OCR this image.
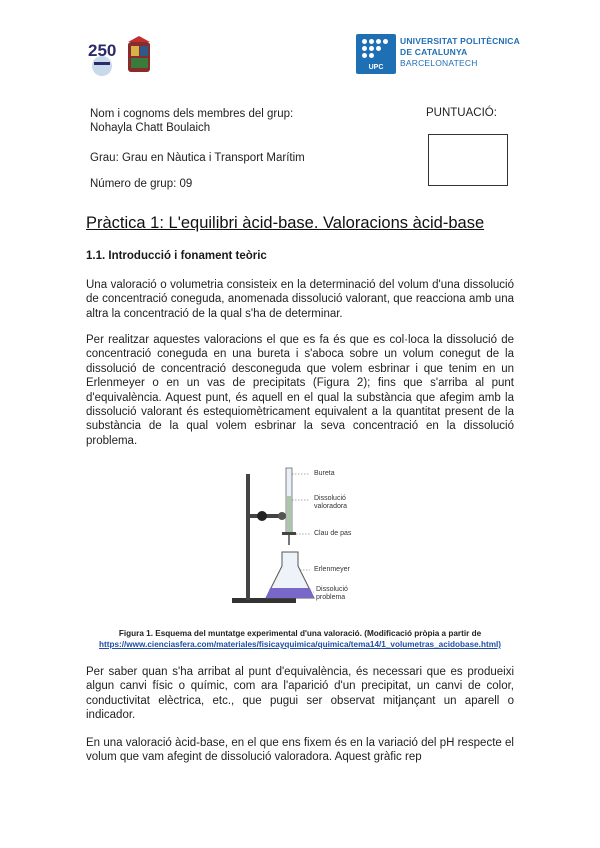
250
UPC
UNIVERSITAT POLITÈCNICA
DE CATALUNYA
BARCELONATECH
Nom i cognoms dels membres del grup:
Nohayla Chatt Boulaich
Grau: Grau en Nàutica i Transport Marítim
Número de grup: 09
PUNTUACIÓ:
Pràctica 1: L'equilibri àcid-base. Valoracions àcid-base
1.1. Introducció i fonament teòric
Una valoració o volumetria consisteix en la determinació del volum d'una dissolució de concentració coneguda, anomenada dissolució valorant, que reacciona amb una altra la concentració de la qual s'ha de determinar.
Per realitzar aquestes valoracions el que es fa és que es col·loca la dissolució de concentració coneguda en una bureta i s'aboca sobre un volum conegut de la dissolució de concentració desconeguda que volem esbrinar i que tenim en un Erlenmeyer o en un vas de precipitats (Figura 2); fins que s'arriba al punt d'equivalència. Aquest punt, és aquell en el qual la substància que afegim amb la dissolució valorant és estequiomètricament equivalent a la quantitat present de la substància de la qual volem esbrinar la seva concentració en la dissolució problema.
Bureta
Dissolució valoradora
Clau de pas
Erlenmeyer
Dissolució problema
Figura 1. Esquema del muntatge experimental d'una valoració. (Modificació pròpia a partir de
https://www.cienciasfera.com/materiales/fisicayquimica/quimica/tema14/1_volumetras_acidobase.html)
Per saber quan s'ha arribat al punt d'equivalència, és necessari que es produeixi algun canvi físic o químic, com ara l'aparició d'un precipitat, un canvi de color, conductivitat elèctrica, etc., que pugui ser observat mitjançant un aparell o indicador.
En una valoració àcid-base, en el que ens fixem és en la variació del pH respecte el volum que vam afegint de dissolució valoradora. Aquest gràfic rep
